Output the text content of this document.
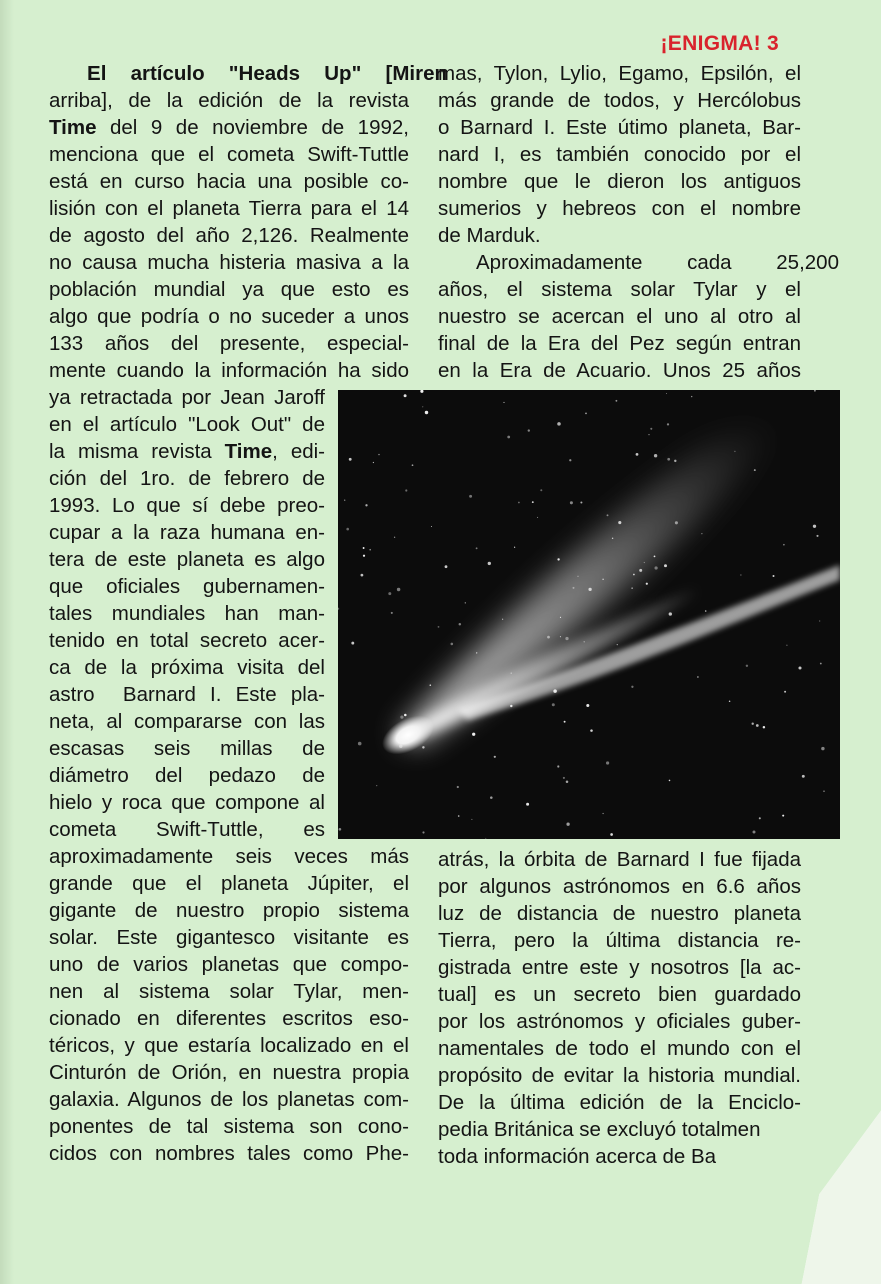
¡ENIGMA! 3
El artículo "Heads Up" [Miren
arriba], de la edición de la revista
Time del 9 de noviembre de 1992,
menciona que el cometa Swift-Tuttle
está en curso hacia una posible co-
lisión con el planeta Tierra para el 14
de agosto del año 2,126. Realmente
no causa mucha histeria masiva a la
población mundial ya que esto es
algo que podría o no suceder a unos
133 años del presente, especial-
mente cuando la información ha sido
ya retractada por Jean Jaroff
en el artículo "Look Out" de
la misma revista Time, edi-
ción del 1ro. de febrero de
1993. Lo que sí debe preo-
cupar a la raza humana en-
tera de este planeta es algo
que oficiales gubernamen-
tales mundiales han man-
tenido en total secreto acer-
ca de la próxima visita del
astro  Barnard I. Este pla-
neta, al compararse con las
escasas seis millas de
diámetro del pedazo de
hielo y roca que compone al
cometa Swift-Tuttle, es
aproximadamente seis veces más
grande que el planeta Júpiter, el
gigante de nuestro propio sistema
solar. Este gigantesco visitante es
uno de varios planetas que compo-
nen al sistema solar Tylar, men-
cionado en diferentes escritos eso-
téricos, y que estaría localizado en el
Cinturón de Orión, en nuestra propia
galaxia. Algunos de los planetas com-
ponentes de tal sistema son cono-
cidos con nombres tales como Phe-
mas, Tylon, Lylio, Egamo, Epsilón, el
más grande de todos, y Hercólobus
o Barnard I. Este útimo planeta, Bar-
nard I, es también conocido por el
nombre que le dieron los antiguos
sumerios y hebreos con el nombre
de Marduk.
Aproximadamente cada 25,200
años, el sistema solar Tylar y el
nuestro se acercan el uno al otro al
final de la Era del Pez según entran
en la Era de Acuario. Unos 25 años
atrás, la órbita de Barnard I fue fijada
por algunos astrónomos en 6.6 años
luz de distancia de nuestro planeta
Tierra, pero la última distancia re-
gistrada entre este y nosotros [la ac-
tual] es un secreto bien guardado
por los astrónomos y oficiales guber-
namentales de todo el mundo con el
propósito de evitar la historia mundial.
De la última edición de la Enciclo-
pedia Británica se excluyó totalmen
toda información acerca de Ba
